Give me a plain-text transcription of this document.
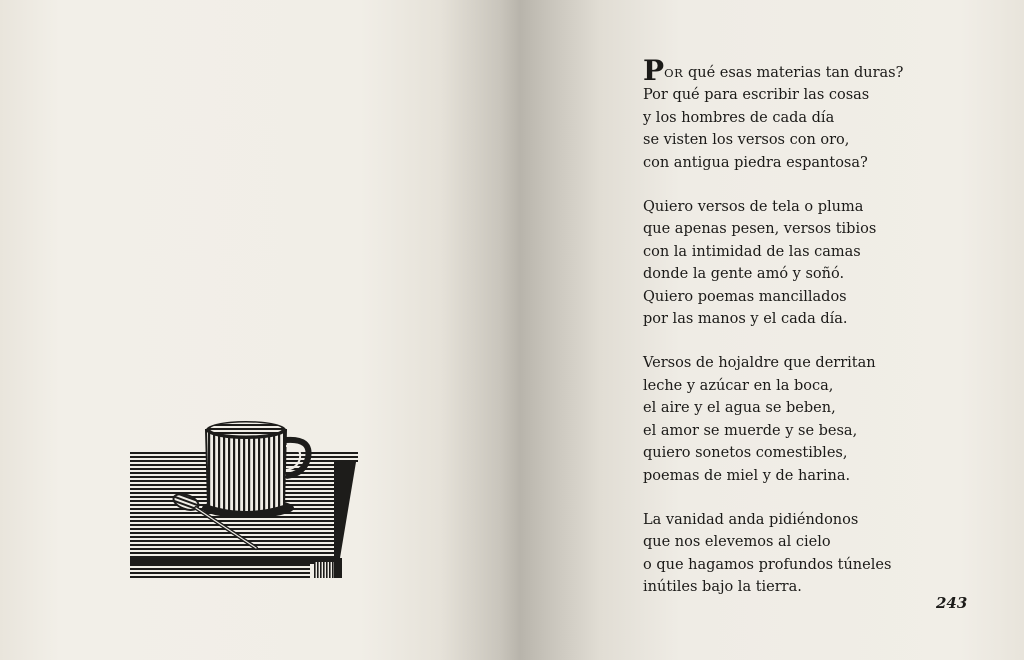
POR qué esas materias tan duras?
Por qué para escribir las cosas
y los hombres de cada día
se visten los versos con oro,
con antigua piedra espantosa?
Quiero versos de tela o pluma
que apenas pesen, versos tibios
con la intimidad de las camas
donde la gente amó y soñó.
Quiero poemas mancillados
por las manos y el cada día.
Versos de hojaldre que derritan
leche y azúcar en la boca,
el aire y el agua se beben,
el amor se muerde y se besa,
quiero sonetos comestibles,
poemas de miel y de harina.
La vanidad anda pidiéndonos
que nos elevemos al cielo
o que hagamos profundos túneles
inútiles bajo la tierra.
243
